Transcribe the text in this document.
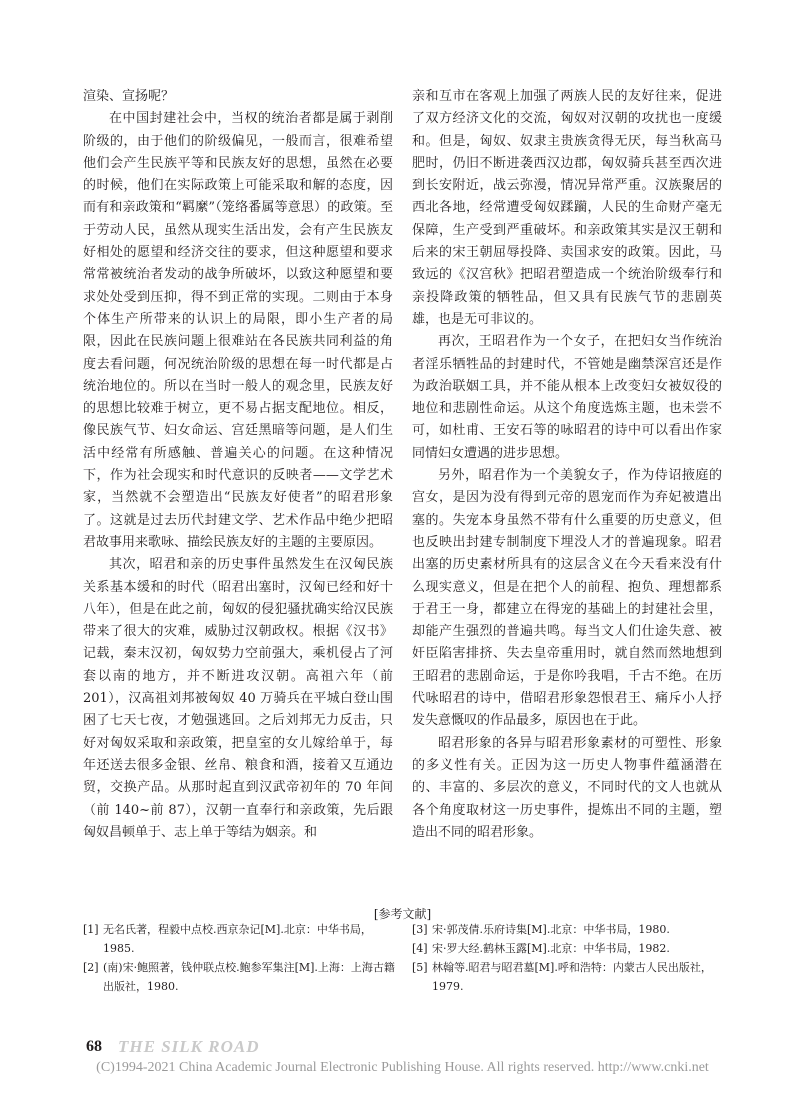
渲染、宣扬呢？

在中国封建社会中，当权的统治者都是属于剥削阶级的，由于他们的阶级偏见，一般而言，很难希望他们会产生民族平等和民族友好的思想，虽然在必要的时候，他们在实际政策上可能采取和解的态度，因而有和亲政策和“羁縻”（笼络番属等意思）的政策。至于劳动人民，虽然从现实生活出发，会有产生民族友好相处的愿望和经济交往的要求，但这种愿望和要求常常被统治者发动的战争所破坏，以致这种愿望和要求处处受到压抑，得不到正常的实现。二则由于本身个体生产所带来的认识上的局限，即小生产者的局限，因此在民族问题上很难站在各民族共同利益的角度去看问题，何况统治阶级的思想在每一时代都是占统治地位的。所以在当时一般人的观念里，民族友好的思想比较难于树立，更不易占据支配地位。相反，像民族气节、妇女命运、宫廷黑暗等问题，是人们生活中经常有所感触、普遍关心的问题。在这种情况下，作为社会现实和时代意识的反映者——文学艺术家，当然就不会塑造出“民族友好使者”的昭君形象了。这就是过去历代封建文学、艺术作品中绝少把昭君故事用来歌咏、描绘民族友好的主题的主要原因。

其次，昭君和亲的历史事件虽然发生在汉匈民族关系基本缓和的时代（昭君出塞时，汉匈已经和好十八年），但是在此之前，匈奴的侵犯骚扰确实给汉民族带来了很大的灾难，威胁过汉朝政权。根据《汉书》记载，秦末汉初，匈奴势力空前强大，乘机侵占了河套以南的地方，并不断进攻汉朝。高祖六年（前 201），汉高祖刘邦被匈奴 40 万骑兵在平城白登山围困了七天七夜，才勉强逃回。之后刘邦无力反击，只好对匈奴采取和亲政策，把皇室的女儿嫁给单于，每年还送去很多金银、丝帛、粮食和酒，接着又互通边贸，交换产品。从那时起直到汉武帝初年的 70 年间（前 140~前 87），汉朝一直奉行和亲政策，先后跟匈奴昌顿单于、志上单于等结为姻亲。和

亲和互市在客观上加强了两族人民的友好往来，促进了双方经济文化的交流，匈奴对汉朝的攻扰也一度缓和。但是，匈奴、奴隶主贵族贪得无厌，每当秋高马肥时，仍旧不断进袭西汉边郡，匈奴骑兵甚至西次进到长安附近，战云弥漫，情况异常严重。汉族聚居的西北各地，经常遭受匈奴蹂躏，人民的生命财产毫无保障，生产受到严重破坏。和亲政策其实是汉王朝和后来的宋王朝屈辱投降、卖国求安的政策。因此，马致远的《汉宫秋》把昭君塑造成一个统治阶级奉行和亲投降政策的牺牲品，但又具有民族气节的悲剧英雄，也是无可非议的。

再次，王昭君作为一个女子，在把妇女当作统治者淫乐牺牲品的封建时代，不管她是幽禁深宫还是作为政治联姻工具，并不能从根本上改变妇女被奴役的地位和悲剧性命运。从这个角度选炼主题，也未尝不可，如杜甫、王安石等的咏昭君的诗中可以看出作家同情妇女遭遇的进步思想。

另外，昭君作为一个美貌女子，作为侍诏掖庭的宫女，是因为没有得到元帝的恩宠而作为弃妃被遣出塞的。失宠本身虽然不带有什么重要的历史意义，但也反映出封建专制制度下埋没人才的普遍现象。昭君出塞的历史素材所具有的这层含义在今天看来没有什么现实意义，但是在把个人的前程、抱负、理想都系于君王一身，都建立在得宠的基础上的封建社会里，却能产生强烈的普遍共鸣。每当文人们仕途失意、被奸臣陷害排挤、失去皇帝重用时，就自然而然地想到王昭君的悲剧命运，于是你吟我唱，千古不绝。在历代咏昭君的诗中，借昭君形象怨恨君王、痛斥小人抒发失意慨叹的作品最多，原因也在于此。

昭君形象的各异与昭君形象素材的可塑性、形象的多义性有关。正因为这一历史人物事件蕴涵潜在的、丰富的、多层次的意义，不同时代的文人也就从各个角度取材这一历史事件，提炼出不同的主题，塑造出不同的昭君形象。

[参考文献]
[1] 无名氏著，程毅中点校.西京杂记[M].北京：中华书局，1985.
[2] (南)宋·鲍照著，钱仲联点校.鲍参军集注[M].上海：上海古籍出版社，1980.
[3] 宋·郭茂倩.乐府诗集[M].北京：中华书局，1980.
[4] 宋·罗大经.鹤林玉露[M].北京：中华书局，1982.
[5] 林翰等.昭君与昭君墓[M].呼和浩特：内蒙古人民出版社，1979.
68 THE SILK ROAD
(C)1994-2021 China Academic Journal Electronic Publishing House. All rights reserved. http://www.cnki.net
